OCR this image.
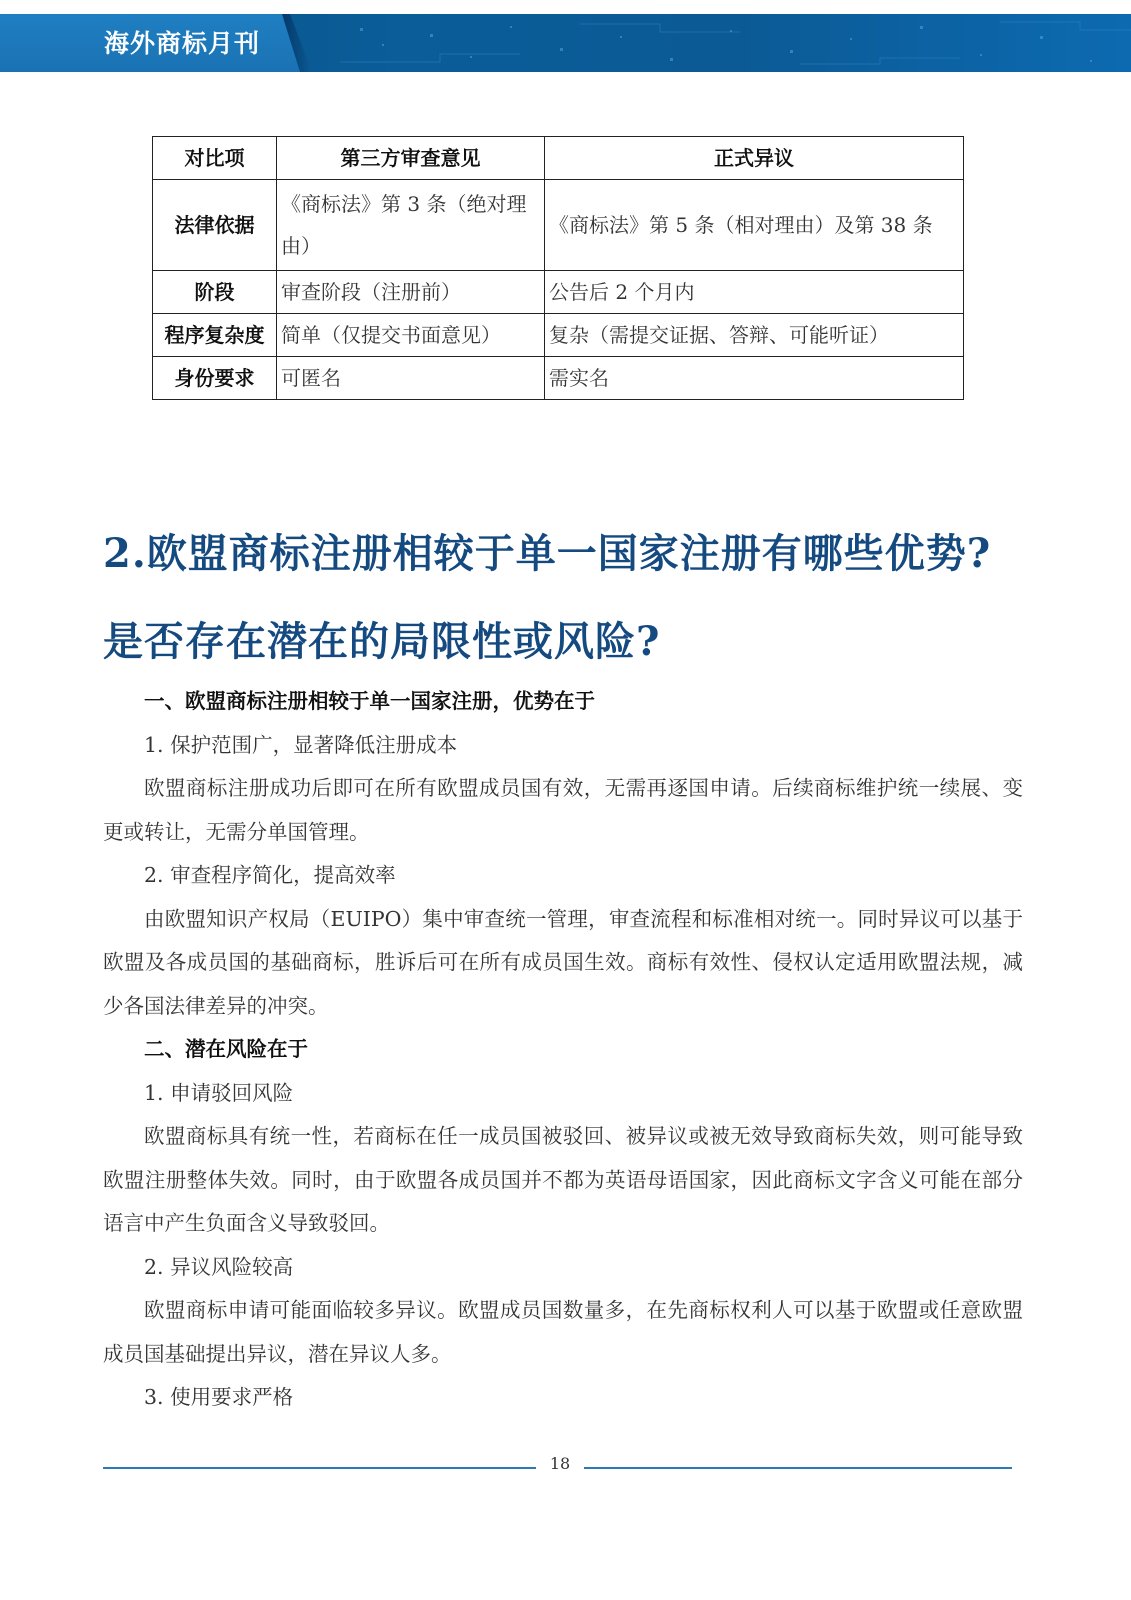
海外商标月刊
对比项	第三方审查意见	正式异议
法律依据	《商标法》第 3 条（绝对理由）	《商标法》第 5 条（相对理由）及第 38 条
阶段	审查阶段（注册前）	公告后 2 个月内
程序复杂度	简单（仅提交书面意见）	复杂（需提交证据、答辩、可能听证）
身份要求	可匿名	需实名
2.欧盟商标注册相较于单一国家注册有哪些优势?
是否存在潜在的局限性或风险?

一、欧盟商标注册相较于单一国家注册，优势在于

1. 保护范围广，显著降低注册成本

欧盟商标注册成功后即可在所有欧盟成员国有效，无需再逐国申请。后续商标维护统一续展、变更或转让，无需分单国管理。

2. 审查程序简化，提高效率

由欧盟知识产权局（EUIPO）集中审查统一管理，审查流程和标准相对统一。同时异议可以基于欧盟及各成员国的基础商标，胜诉后可在所有成员国生效。商标有效性、侵权认定适用欧盟法规，减少各国法律差异的冲突。

二、潜在风险在于

1. 申请驳回风险

欧盟商标具有统一性，若商标在任一成员国被驳回、被异议或被无效导致商标失效，则可能导致欧盟注册整体失效。同时，由于欧盟各成员国并不都为英语母语国家，因此商标文字含义可能在部分语言中产生负面含义导致驳回。

2. 异议风险较高

欧盟商标申请可能面临较多异议。欧盟成员国数量多，在先商标权利人可以基于欧盟或任意欧盟成员国基础提出异议，潜在异议人多。

3. 使用要求严格

18
